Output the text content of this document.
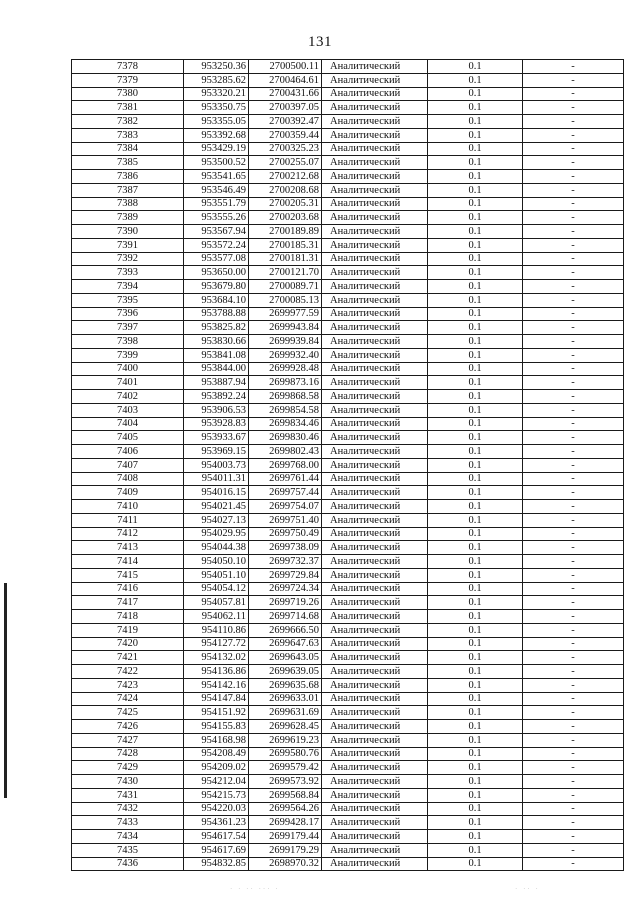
131
7378	953250.36	2700500.11	Аналитический	0.1	-
7379	953285.62	2700464.61	Аналитический	0.1	-
7380	953320.21	2700431.66	Аналитический	0.1	-
7381	953350.75	2700397.05	Аналитический	0.1	-
7382	953355.05	2700392.47	Аналитический	0.1	-
7383	953392.68	2700359.44	Аналитический	0.1	-
7384	953429.19	2700325.23	Аналитический	0.1	-
7385	953500.52	2700255.07	Аналитический	0.1	-
7386	953541.65	2700212.68	Аналитический	0.1	-
7387	953546.49	2700208.68	Аналитический	0.1	-
7388	953551.79	2700205.31	Аналитический	0.1	-
7389	953555.26	2700203.68	Аналитический	0.1	-
7390	953567.94	2700189.89	Аналитический	0.1	-
7391	953572.24	2700185.31	Аналитический	0.1	-
7392	953577.08	2700181.31	Аналитический	0.1	-
7393	953650.00	2700121.70	Аналитический	0.1	-
7394	953679.80	2700089.71	Аналитический	0.1	-
7395	953684.10	2700085.13	Аналитический	0.1	-
7396	953788.88	2699977.59	Аналитический	0.1	-
7397	953825.82	2699943.84	Аналитический	0.1	-
7398	953830.66	2699939.84	Аналитический	0.1	-
7399	953841.08	2699932.40	Аналитический	0.1	-
7400	953844.00	2699928.48	Аналитический	0.1	-
7401	953887.94	2699873.16	Аналитический	0.1	-
7402	953892.24	2699868.58	Аналитический	0.1	-
7403	953906.53	2699854.58	Аналитический	0.1	-
7404	953928.83	2699834.46	Аналитический	0.1	-
7405	953933.67	2699830.46	Аналитический	0.1	-
7406	953969.15	2699802.43	Аналитический	0.1	-
7407	954003.73	2699768.00	Аналитический	0.1	-
7408	954011.31	2699761.44	Аналитический	0.1	-
7409	954016.15	2699757.44	Аналитический	0.1	-
7410	954021.45	2699754.07	Аналитический	0.1	-
7411	954027.13	2699751.40	Аналитический	0.1	-
7412	954029.95	2699750.49	Аналитический	0.1	-
7413	954044.38	2699738.09	Аналитический	0.1	-
7414	954050.10	2699732.37	Аналитический	0.1	-
7415	954051.10	2699729.84	Аналитический	0.1	-
7416	954054.12	2699724.34	Аналитический	0.1	-
7417	954057.81	2699719.26	Аналитический	0.1	-
7418	954062.11	2699714.68	Аналитический	0.1	-
7419	954110.86	2699666.50	Аналитический	0.1	-
7420	954127.72	2699647.63	Аналитический	0.1	-
7421	954132.02	2699643.05	Аналитический	0.1	-
7422	954136.86	2699639.05	Аналитический	0.1	-
7423	954142.16	2699635.68	Аналитический	0.1	-
7424	954147.84	2699633.01	Аналитический	0.1	-
7425	954151.92	2699631.69	Аналитический	0.1	-
7426	954155.83	2699628.45	Аналитический	0.1	-
7427	954168.98	2699619.23	Аналитический	0.1	-
7428	954208.49	2699580.76	Аналитический	0.1	-
7429	954209.02	2699579.42	Аналитический	0.1	-
7430	954212.04	2699573.92	Аналитический	0.1	-
7431	954215.73	2699568.84	Аналитический	0.1	-
7432	954220.03	2699564.26	Аналитический	0.1	-
7433	954361.23	2699428.17	Аналитический	0.1	-
7434	954617.54	2699179.44	Аналитический	0.1	-
7435	954617.69	2699179.29	Аналитический	0.1	-
7436	954832.85	2698970.32	Аналитический	0.1	-
· · ·· ··· ·	· ·· ·
